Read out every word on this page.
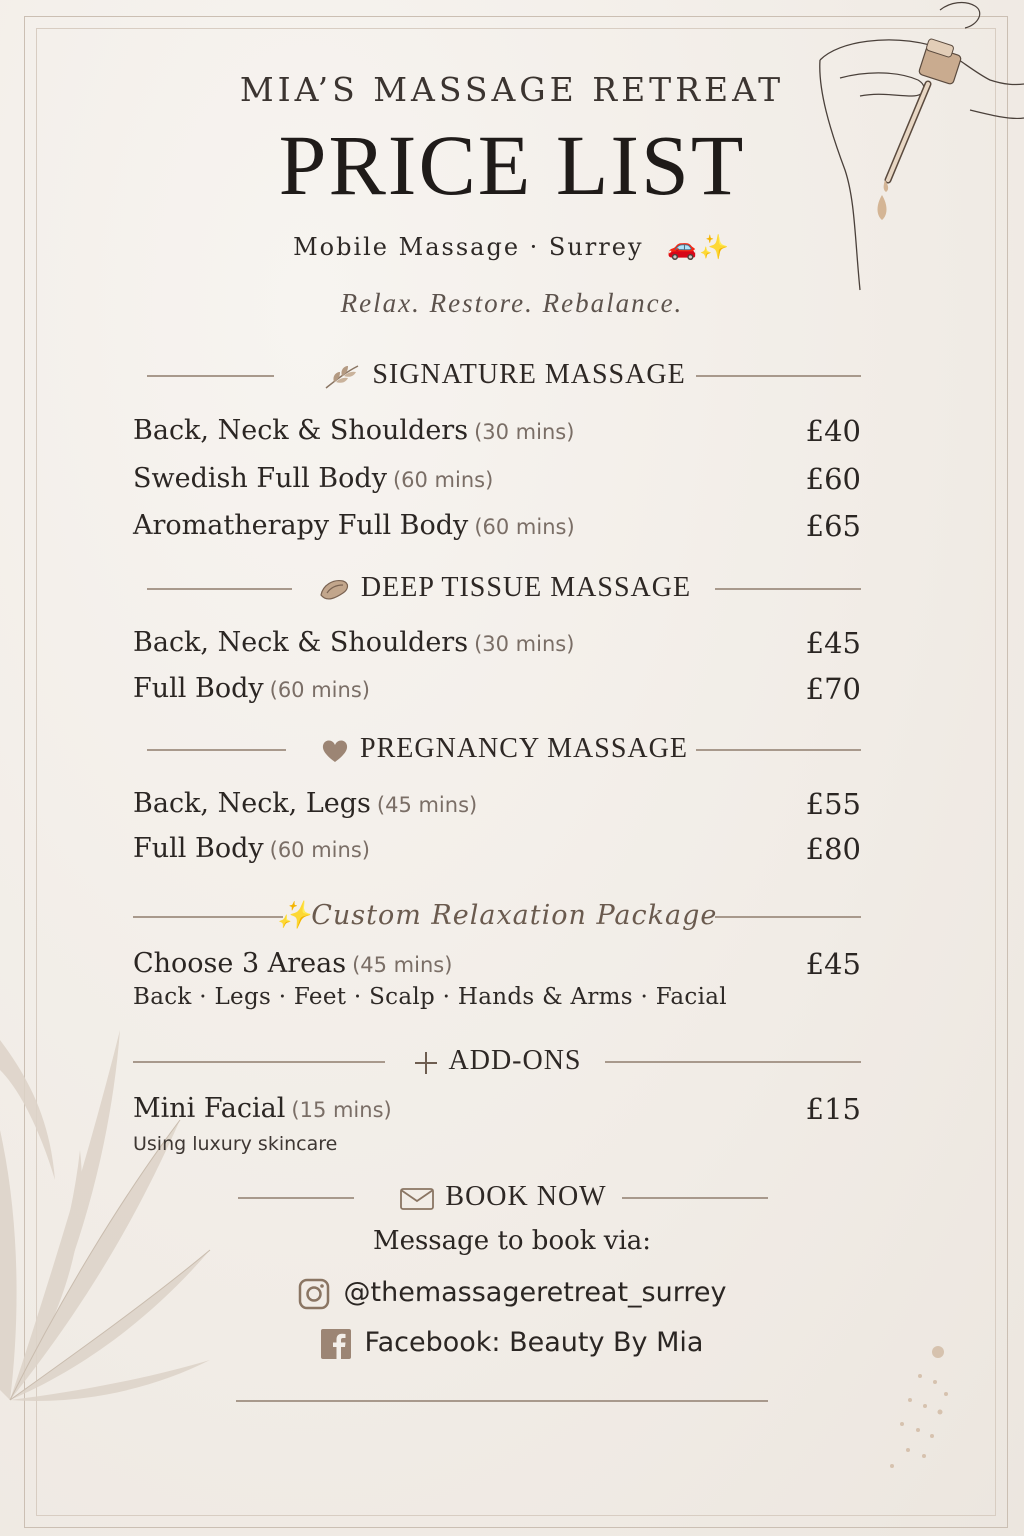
MIA’S MASSAGE RETREAT
PRICE LIST
Mobile Massage · Surrey 🚗✨
Relax. Restore. Rebalance.
SIGNATURE MASSAGE
Back, Neck & Shoulders (30 mins)	£40
Swedish Full Body (60 mins)	£60
Aromatherapy Full Body (60 mins)	£65
DEEP TISSUE MASSAGE
Back, Neck & Shoulders (30 mins)	£45
Full Body (60 mins)	£70
PREGNANCY MASSAGE
Back, Neck, Legs (45 mins)	£55
Full Body (60 mins)	£80
✨Custom Relaxation Package
Choose 3 Areas (45 mins)	£45
Back · Legs · Feet · Scalp · Hands & Arms · Facial
ADD-ONS
Mini Facial (15 mins)	£15
Using luxury skincare
BOOK NOW
Message to book via:
@themassageretreat_surrey
Facebook: Beauty By Mia
